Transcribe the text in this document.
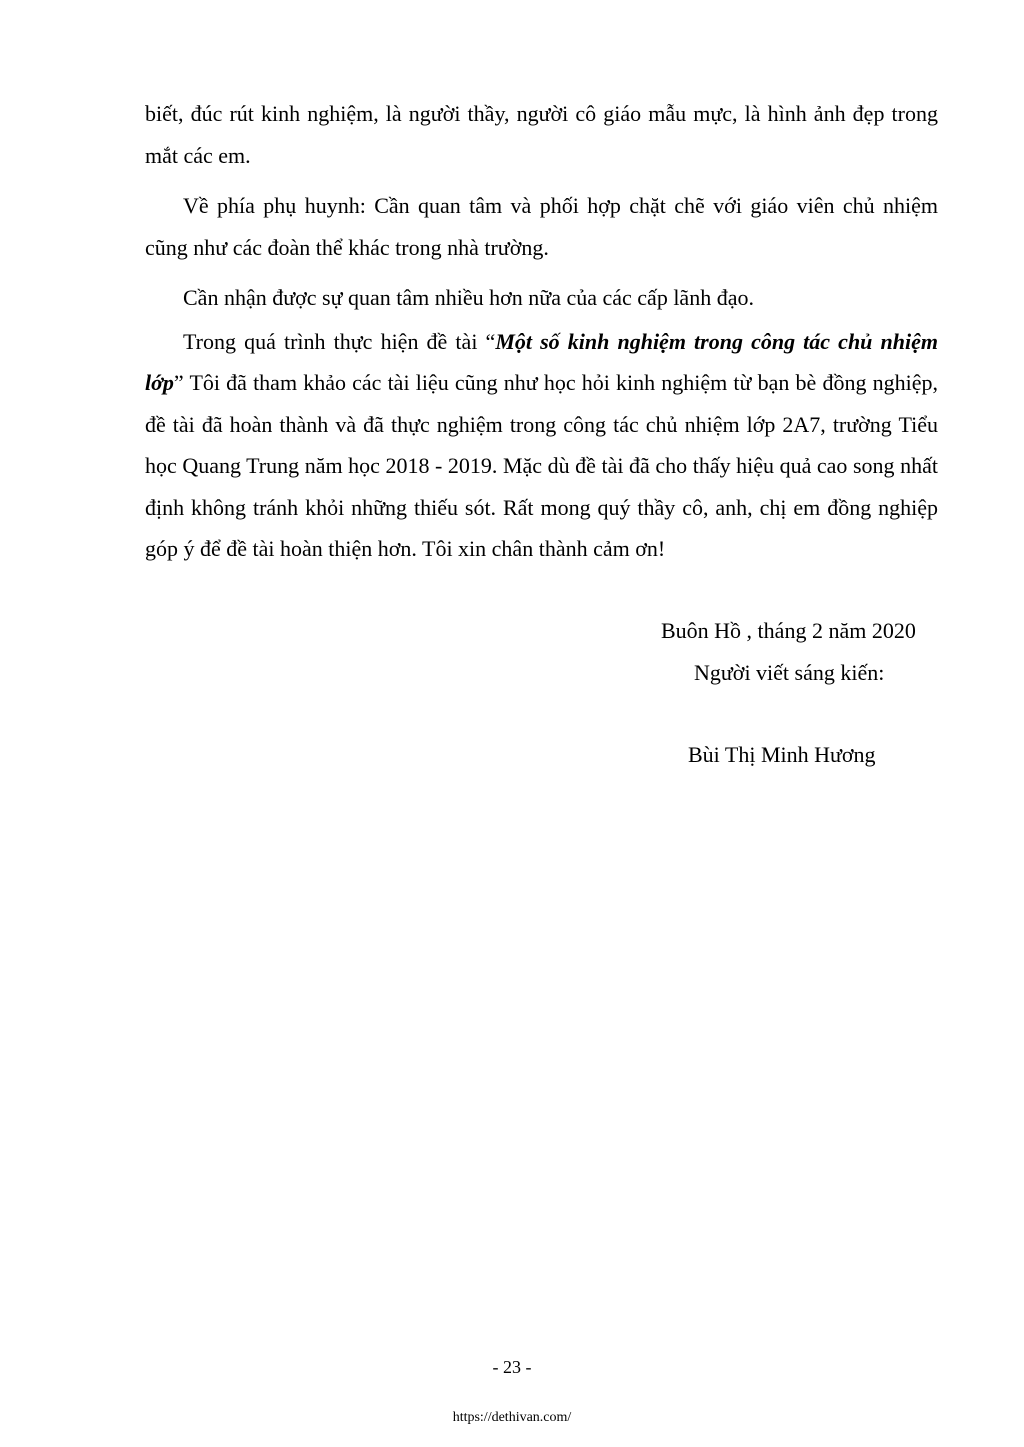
biết, đúc rút kinh nghiệm, là người thầy, người cô giáo mẫu mực, là hình ảnh đẹp trong mắt các em.

Về phía phụ huynh: Cần quan tâm và phối hợp chặt chẽ với giáo viên chủ nhiệm cũng như các đoàn thể khác trong nhà trường.

Cần nhận được sự quan tâm nhiều hơn nữa của các cấp lãnh đạo.

Trong quá trình thực hiện đề tài “Một số kinh nghiệm trong công tác chủ nhiệm lớp” Tôi đã tham khảo các tài liệu cũng như học hỏi kinh nghiệm từ bạn bè đồng nghiệp, đề tài đã hoàn thành và đã thực nghiệm trong công tác chủ nhiệm lớp 2A7, trường Tiểu học Quang Trung năm học 2018 - 2019. Mặc dù đề tài đã cho thấy hiệu quả cao song nhất định không tránh khỏi những thiếu sót. Rất mong quý thầy cô, anh, chị em đồng nghiệp góp ý để đề tài hoàn thiện hơn. Tôi xin chân thành cảm ơn!

Buôn Hồ , tháng 2 năm 2020
Người viết sáng kiến:
Bùi Thị Minh Hương
- 23 -
https://dethivan.com/
